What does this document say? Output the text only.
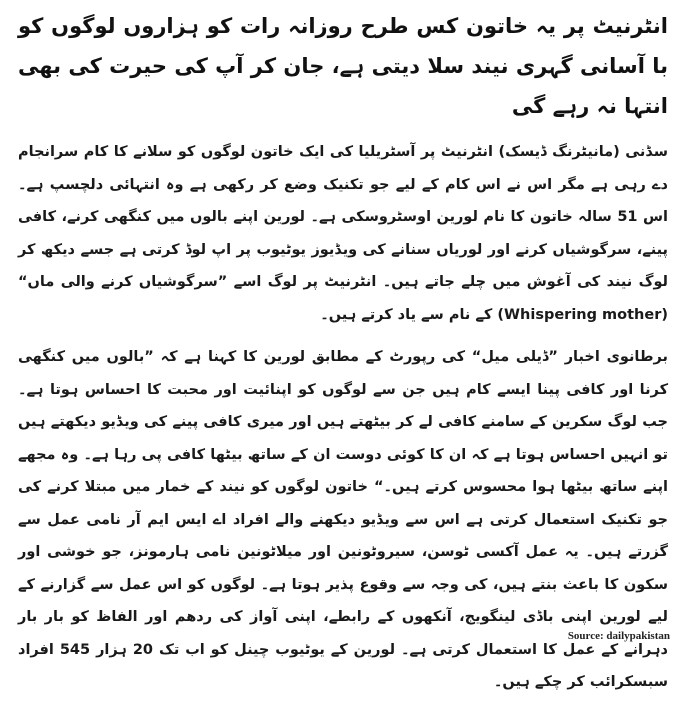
انٹرنیٹ پر یہ خاتون کس طرح روزانہ رات کو ہزاروں لوگوں کو با آسانی گہری نیند سلا دیتی ہے، جان کر آپ کی حیرت کی بھی انتہا نہ رہے گی

سڈنی (مانیٹرنگ ڈیسک) انٹرنیٹ پر آسٹریلیا کی ایک خاتون لوگوں کو سلانے کا کام سرانجام دے رہی ہے مگر اس نے اس کام کے لیے جو تکنیک وضع کر رکھی ہے وہ انتہائی دلچسپ ہے۔ اس 51 سالہ خاتون کا نام لورین اوسٹروسکی ہے۔ لورین اپنے بالوں میں کنگھی کرنے، کافی پینے، سرگوشیاں کرنے اور لوریاں سنانے کی ویڈیوز یوٹیوب پر اپ لوڈ کرتی ہے جسے دیکھ کر لوگ نیند کی آغوش میں چلے جاتے ہیں۔ انٹرنیٹ پر لوگ اسے ”سرگوشیاں کرنے والی ماں“ (Whispering mother) کے نام سے یاد کرتے ہیں۔

برطانوی اخبار ”ڈیلی میل“ کی رپورٹ کے مطابق لورین کا کہنا ہے کہ ”بالوں میں کنگھی کرنا اور کافی پینا ایسے کام ہیں جن سے لوگوں کو اپنائیت اور محبت کا احساس ہوتا ہے۔ جب لوگ سکرین کے سامنے کافی لے کر بیٹھتے ہیں اور میری کافی پینے کی ویڈیو دیکھتے ہیں تو انہیں احساس ہوتا ہے کہ ان کا کوئی دوست ان کے ساتھ بیٹھا کافی پی رہا ہے۔ وہ مجھے اپنے ساتھ بیٹھا ہوا محسوس کرتے ہیں۔“ خاتون لوگوں کو نیند کے خمار میں مبتلا کرنے کی جو تکنیک استعمال کرتی ہے اس سے ویڈیو دیکھنے والے افراد اے ایس ایم آر نامی عمل سے گزرتے ہیں۔ یہ عمل آکسی ٹوسن، سیروٹونین اور میلاٹونین نامی ہارمونز، جو خوشی اور سکون کا باعث بنتے ہیں، کی وجہ سے وقوع پذیر ہوتا ہے۔ لوگوں کو اس عمل سے گزارنے کے لیے لورین اپنی باڈی لینگویج، آنکھوں کے رابطے، اپنی آواز کی ردھم اور الفاظ کو بار بار دہرانے کے عمل کا استعمال کرتی ہے۔ لورین کے یوٹیوب چینل کو اب تک 20 ہزار 545 افراد سبسکرائب کر چکے ہیں۔

Source: dailypakistan
